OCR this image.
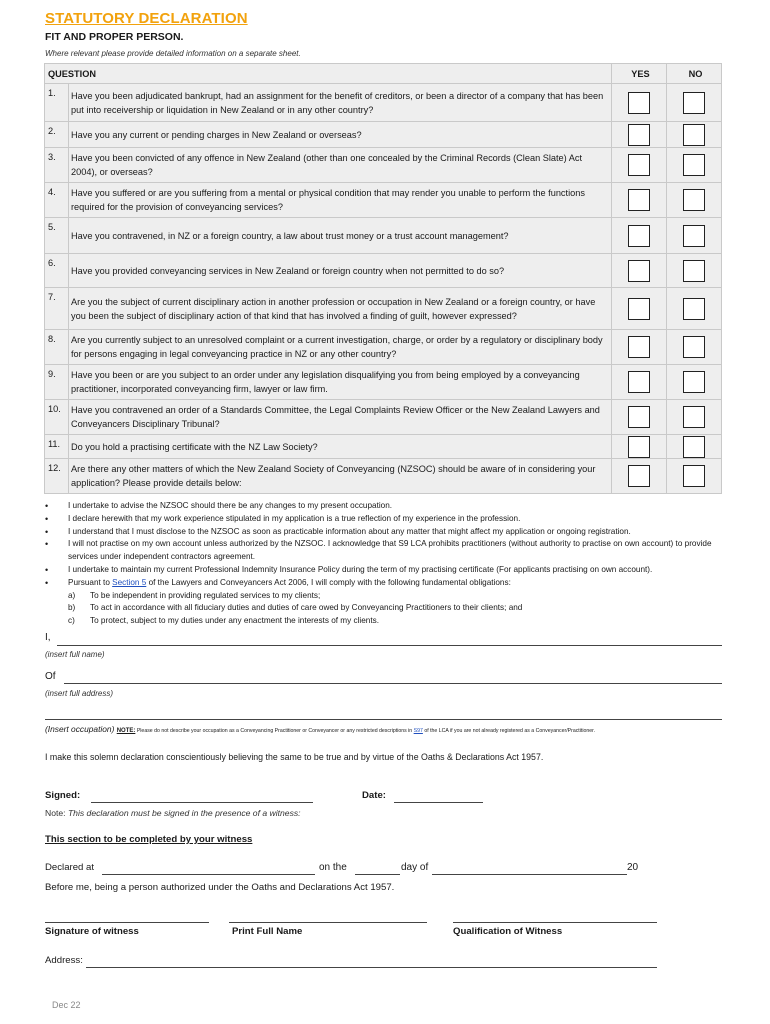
STATUTORY DECLARATION
FIT AND PROPER PERSON.
Where relevant please provide detailed information on a separate sheet.
QUESTION		YES	NO
1.	Have you been adjudicated bankrupt, had an assignment for the benefit of creditors, or been a director of a company that has been put into receivership or liquidation in New Zealand or in any other country?		
2.	Have you any current or pending charges in New Zealand or overseas?		
3.	Have you been convicted of any offence in New Zealand (other than one concealed by the Criminal Records (Clean Slate) Act 2004), or overseas?		
4.	Have you suffered or are you suffering from a mental or physical condition that may render you unable to perform the functions required for the provision of conveyancing services?		
5.	Have you contravened, in NZ or a foreign country, a law about trust money or a trust account management?		
6.	Have you provided conveyancing services in New Zealand or foreign country when not permitted to do so?		
7.	Are you the subject of current disciplinary action in another profession or occupation in New Zealand or a foreign country, or have you been the subject of disciplinary action of that kind that has involved a finding of guilt, however expressed?		
8.	Are you currently subject to an unresolved complaint or a current investigation, charge, or order by a regulatory or disciplinary body for persons engaging in legal conveyancing practice in NZ or any other country?		
9.	Have you been or are you subject to an order under any legislation disqualifying you from being employed by a conveyancing practitioner, incorporated conveyancing firm, lawyer or law firm.		
10.	Have you contravened an order of a Standards Committee, the Legal Complaints Review Officer or the New Zealand Lawyers and Conveyancers Disciplinary Tribunal?		
11.	Do you hold a practising certificate with the NZ Law Society?		
12.	Are there any other matters of which the New Zealand Society of Conveyancing (NZSOC) should be aware of in considering your application? Please provide details below:		
•	I undertake to advise the NZSOC should there be any changes to my present occupation.
•	I declare herewith that my work experience stipulated in my application is a true reflection of my experience in the profession.
•	I understand that I must disclose to the NZSOC as soon as practicable information about any matter that might affect my application or ongoing registration.
•	I will not practise on my own account unless authorized by the NZSOC. I acknowledge that S9 LCA prohibits practitioners (without authority to practise on own account) to provide services under independent contractors agreement.
•	I undertake to maintain my current Professional Indemnity Insurance Policy during the term of my practising certificate (For applicants practising on own account).
•	Pursuant to Section 5 of the Lawyers and Conveyancers Act 2006, I will comply with the following fundamental obligations:
a)	To be independent in providing regulated services to my clients;
b)	To act in accordance with all fiduciary duties and duties of care owed by Conveyancing Practitioners to their clients; and
c)	To protect, subject to my duties under any enactment the interests of my clients.
I,
(insert full name)
Of
(insert full address)
(Insert occupation) NOTE: Please do not describe your occupation as a Conveyancing Practitioner or Conveyancer or any restricted descriptions in S97 of the LCA if you are not already registered as a Conveyancer/Practitioner.
I make this solemn declaration conscientiously believing the same to be true and by virtue of the Oaths & Declarations Act 1957.
Signed:	Date:
Note: This declaration must be signed in the presence of a witness:
This section to be completed by your witness
Declared at	on the	day of	20
Before me, being a person authorized under the Oaths and Declarations Act 1957.
Signature of witness	Print Full Name	Qualification of Witness
Address:
Dec 22
